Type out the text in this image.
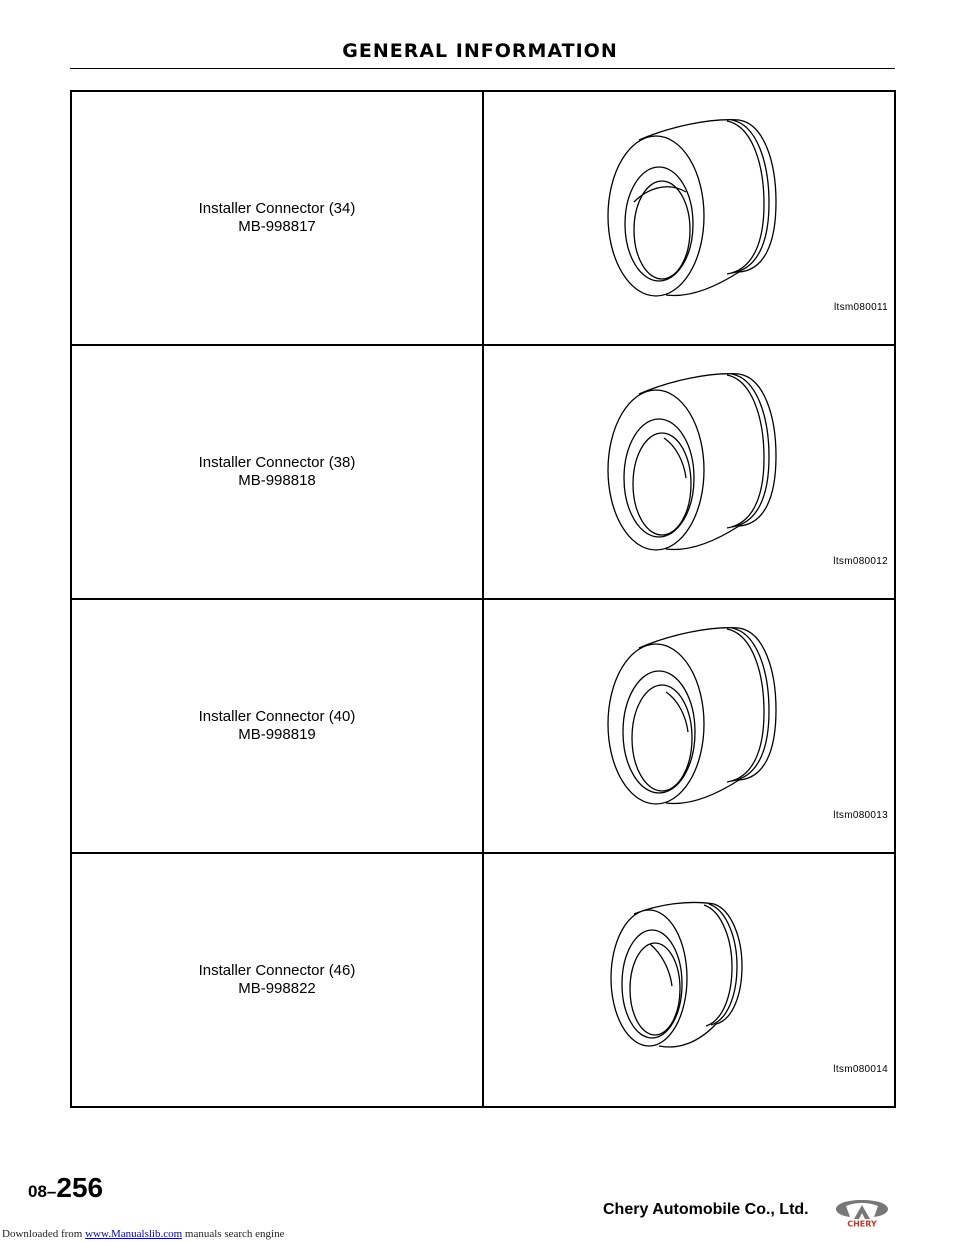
GENERAL INFORMATION
Installer Connector (34)
MB-998817	ltsm080011

Installer Connector (38)
MB-998818	ltsm080012

Installer Connector (40)
MB-998819	ltsm080013

Installer Connector (46)
MB-998822	ltsm080014
08–256
Chery Automobile Co., Ltd.
CHERY
Downloaded from www.Manualslib.com manuals search engine
